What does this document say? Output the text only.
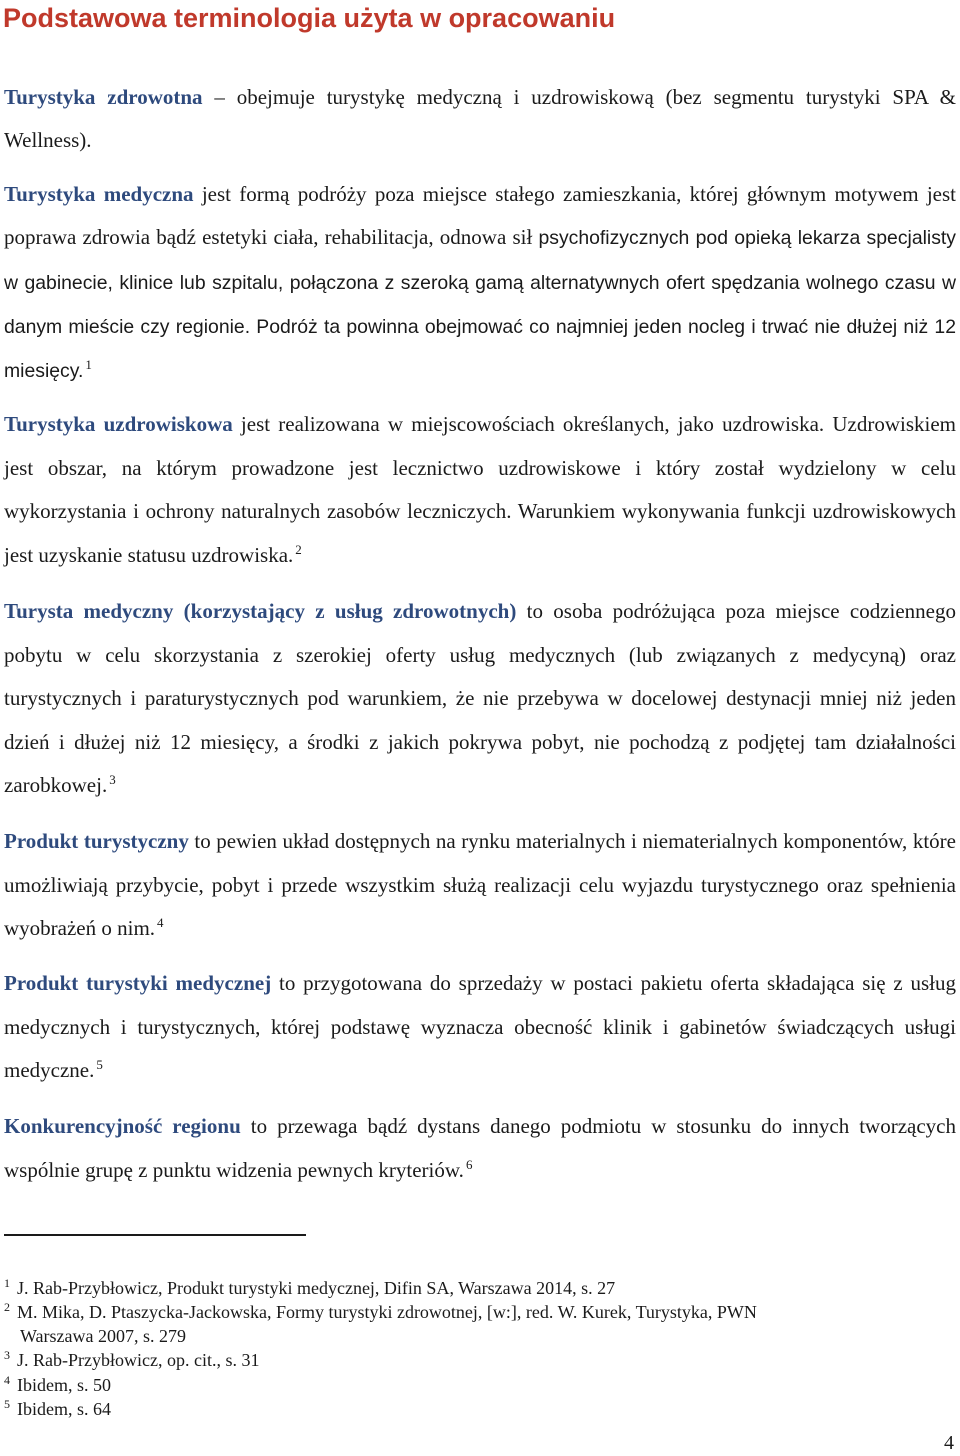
Podstawowa terminologia użyta w opracowaniu

Turystyka zdrowotna – obejmuje turystykę medyczną i uzdrowiskową (bez segmentu turystyki SPA & Wellness).

Turystyka medyczna jest formą podróży poza miejsce stałego zamieszkania, której głównym motywem jest poprawa zdrowia bądź estetyki ciała, rehabilitacja, odnowa sił psychofizycznych pod opieką lekarza specjalisty w gabinecie, klinice lub szpitalu, połączona z szeroką gamą alternatywnych ofert spędzania wolnego czasu w danym mieście czy regionie. Podróż ta powinna obejmować co najmniej jeden nocleg i trwać nie dłużej niż 12 miesięcy. $^1$

Turystyka uzdrowiskowa jest realizowana w miejscowościach określanych, jako uzdrowiska. Uzdrowiskiem jest obszar, na którym prowadzone jest lecznictwo uzdrowiskowe i który został wydzielony w celu wykorzystania i ochrony naturalnych zasobów leczniczych. Warunkiem wykonywania funkcji uzdrowiskowych jest uzyskanie statusu uzdrowiska. $^2$

Turysta medyczny (korzystający z usług zdrowotnych) to osoba podróżująca poza miejsce codziennego pobytu w celu skorzystania z szerokiej oferty usług medycznych (lub związanych z medycyną) oraz turystycznych i paraturystycznych pod warunkiem, że nie przebywa w docelowej destynacji mniej niż jeden dzień i dłużej niż 12 miesięcy, a środki z jakich pokrywa pobyt, nie pochodzą z podjętej tam działalności zarobkowej. $^3$

Produkt turystyczny to pewien układ dostępnych na rynku materialnych i niematerialnych komponentów, które umożliwiają przybycie, pobyt i przede wszystkim służą realizacji celu wyjazdu turystycznego oraz spełnienia wyobrażeń o nim. $^4$

Produkt turystyki medycznej to przygotowana do sprzedaży w postaci pakietu oferta składająca się z usług medycznych i turystycznych, której podstawę wyznacza obecność klinik i gabinetów świadczących usługi medyczne. $^5$

Konkurencyjność regionu to przewaga bądź dystans danego podmiotu w stosunku do innych tworzących wspólnie grupę z punktu widzenia pewnych kryteriów. $^6$

$^1$ J. Rab-Przybłowicz, Produkt turystyki medycznej, Difin SA, Warszawa 2014, s. 27
$^2$ M. Mika, D. Ptaszycka-Jackowska, Formy turystyki zdrowotnej, [w:], red. W. Kurek, Turystyka, PWN
Warszawa 2007, s. 279
$^3$ J. Rab-Przybłowicz, op. cit., s. 31
$^4$ Ibidem, s. 50
$^5$ Ibidem, s. 64
4
